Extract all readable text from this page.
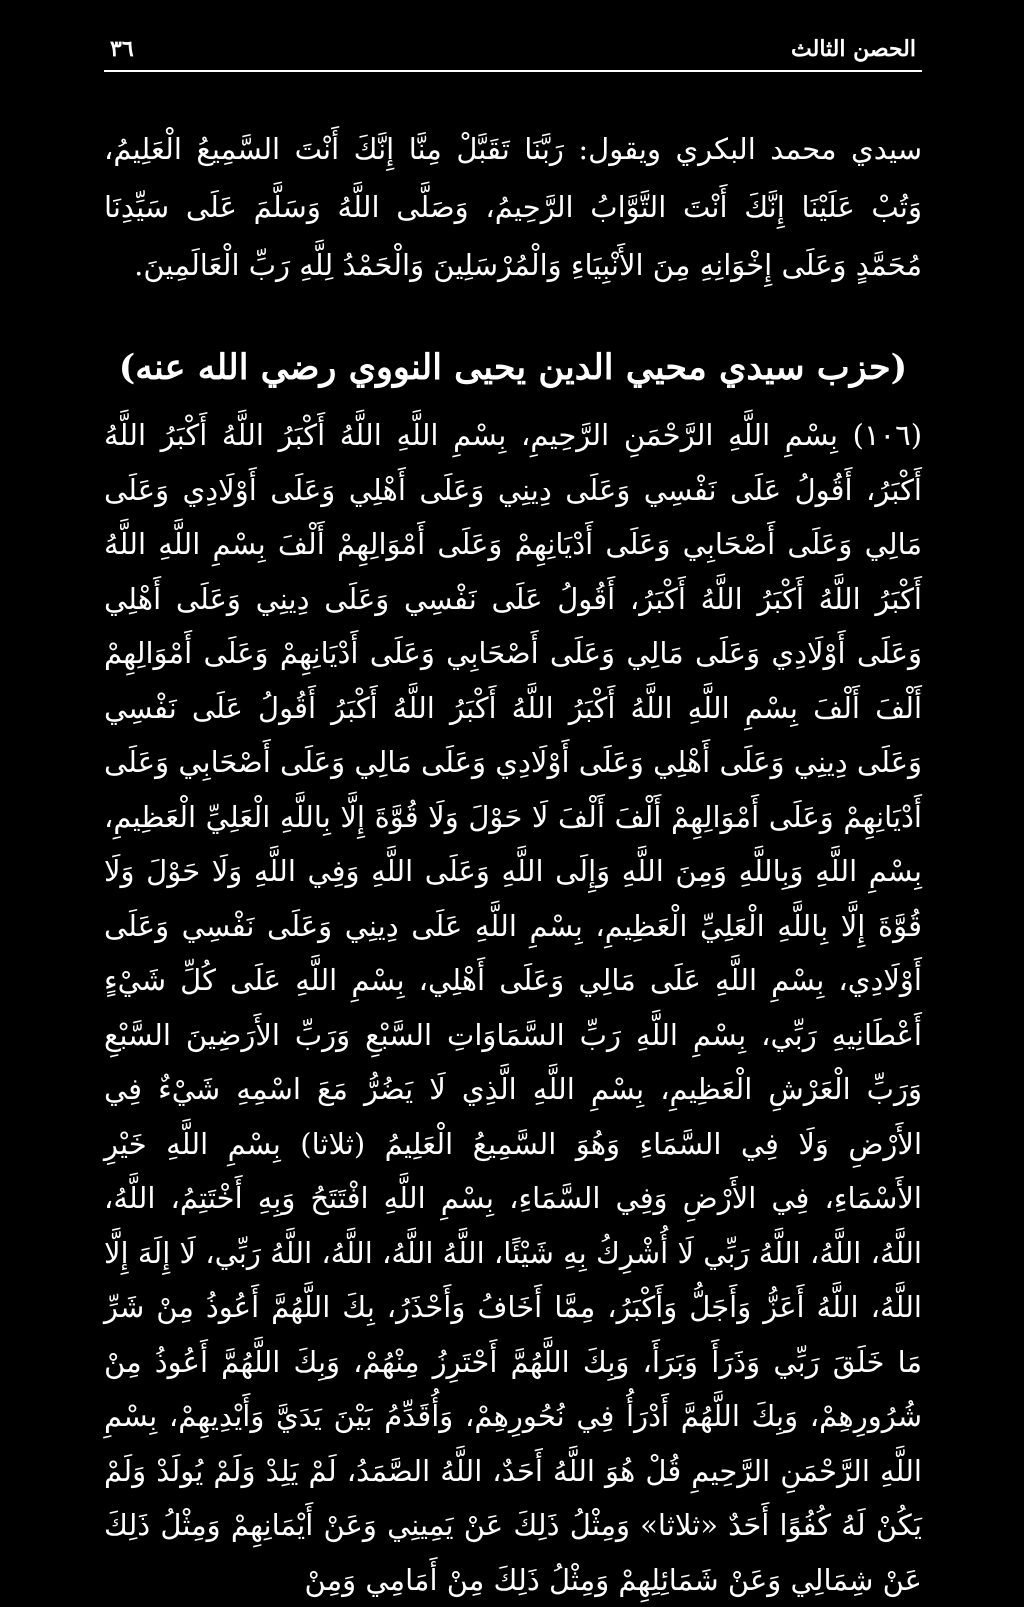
الحصن الثالث
٣٦

سيدي محمد البكري ويقول: رَبَّنَا تَقَبَّلْ مِنَّا إِنَّكَ أَنْتَ السَّمِيعُ الْعَلِيمُ، وَتُبْ عَلَيْنَا إِنَّكَ أَنْتَ التَّوَّابُ الرَّحِيمُ، وَصَلَّى اللَّهُ وَسَلَّمَ عَلَى سَيِّدِنَا مُحَمَّدٍ وَعَلَى إِخْوَانِهِ مِنَ الأَنْبِيَاءِ وَالْمُرْسَلِينَ وَالْحَمْدُ لِلَّهِ رَبِّ الْعَالَمِينَ.

(حزب سيدي محيي الدين يحيى النووي رضي الله عنه)

(١٠٦) بِسْمِ اللَّهِ الرَّحْمَنِ الرَّحِيمِ، بِسْمِ اللَّهِ اللَّهُ أَكْبَرُ اللَّهُ أَكْبَرُ اللَّهُ أَكْبَرُ، أَقُولُ عَلَى نَفْسِي وَعَلَى دِينِي وَعَلَى أَهْلِي وَعَلَى أَوْلَادِي وَعَلَى مَالِي وَعَلَى أَصْحَابِي وَعَلَى أَدْيَانِهِمْ وَعَلَى أَمْوَالِهِمْ أَلْفَ بِسْمِ اللَّهِ اللَّهُ أَكْبَرُ اللَّهُ أَكْبَرُ اللَّهُ أَكْبَرُ، أَقُولُ عَلَى نَفْسِي وَعَلَى دِينِي وَعَلَى أَهْلِي وَعَلَى أَوْلَادِي وَعَلَى مَالِي وَعَلَى أَصْحَابِي وَعَلَى أَدْيَانِهِمْ وَعَلَى أَمْوَالِهِمْ أَلْفَ أَلْفَ بِسْمِ اللَّهِ اللَّهُ أَكْبَرُ اللَّهُ أَكْبَرُ اللَّهُ أَكْبَرُ أَقُولُ عَلَى نَفْسِي وَعَلَى دِينِي وَعَلَى أَهْلِي وَعَلَى أَوْلَادِي وَعَلَى مَالِي وَعَلَى أَصْحَابِي وَعَلَى أَدْيَانِهِمْ وَعَلَى أَمْوَالِهِمْ أَلْفَ أَلْفَ لَا حَوْلَ وَلَا قُوَّةَ إِلَّا بِاللَّهِ الْعَلِيِّ الْعَظِيمِ، بِسْمِ اللَّهِ وَبِاللَّهِ وَمِنَ اللَّهِ وَإِلَى اللَّهِ وَعَلَى اللَّهِ وَفِي اللَّهِ وَلَا حَوْلَ وَلَا قُوَّةَ إِلَّا بِاللَّهِ الْعَلِيِّ الْعَظِيمِ، بِسْمِ اللَّهِ عَلَى دِينِي وَعَلَى نَفْسِي وَعَلَى أَوْلَادِي، بِسْمِ اللَّهِ عَلَى مَالِي وَعَلَى أَهْلِي، بِسْمِ اللَّهِ عَلَى كُلِّ شَيْءٍ أَعْطَانِيهِ رَبِّي، بِسْمِ اللَّهِ رَبِّ السَّمَاوَاتِ السَّبْعِ وَرَبِّ الأَرَضِينَ السَّبْعِ وَرَبِّ الْعَرْشِ الْعَظِيمِ، بِسْمِ اللَّهِ الَّذِي لَا يَضُرُّ مَعَ اسْمِهِ شَيْءٌ فِي الأَرْضِ وَلَا فِي السَّمَاءِ وَهُوَ السَّمِيعُ الْعَلِيمُ (ثلاثا) بِسْمِ اللَّهِ خَيْرِ الأَسْمَاءِ، فِي الأَرْضِ وَفِي السَّمَاءِ، بِسْمِ اللَّهِ افْتَتَحُ وَبِهِ أَخْتَتِمُ، اللَّهُ، اللَّهُ، اللَّهُ، اللَّهُ رَبِّي لَا أُشْرِكُ بِهِ شَيْئًا، اللَّهُ اللَّهُ، اللَّهُ، اللَّهُ رَبِّي، لَا إِلَهَ إِلَّا اللَّهُ، اللَّهُ أَعَزُّ وَأَجَلُّ وَأَكْبَرُ، مِمَّا أَخَافُ وَأَحْذَرُ، بِكَ اللَّهُمَّ أَعُوذُ مِنْ شَرِّ مَا خَلَقَ رَبِّي وَذَرَأَ وَبَرَأَ، وَبِكَ اللَّهُمَّ أَحْتَرِزُ مِنْهُمْ، وَبِكَ اللَّهُمَّ أَعُوذُ مِنْ شُرُورِهِمْ، وَبِكَ اللَّهُمَّ أَدْرَأُ فِي نُحُورِهِمْ، وَأُقَدِّمُ بَيْنَ يَدَيَّ وَأَيْدِيهِمْ، بِسْمِ اللَّهِ الرَّحْمَنِ الرَّحِيمِ قُلْ هُوَ اللَّهُ أَحَدٌ، اللَّهُ الصَّمَدُ، لَمْ يَلِدْ وَلَمْ يُولَدْ وَلَمْ يَكُنْ لَهُ كُفُوًا أَحَدٌ «ثلاثا» وَمِثْلُ ذَلِكَ عَنْ يَمِينِي وَعَنْ أَيْمَانِهِمْ وَمِثْلُ ذَلِكَ عَنْ شِمَالِي وَعَنْ شَمَائِلِهِمْ وَمِثْلُ ذَلِكَ مِنْ أَمَامِي وَمِنْ
